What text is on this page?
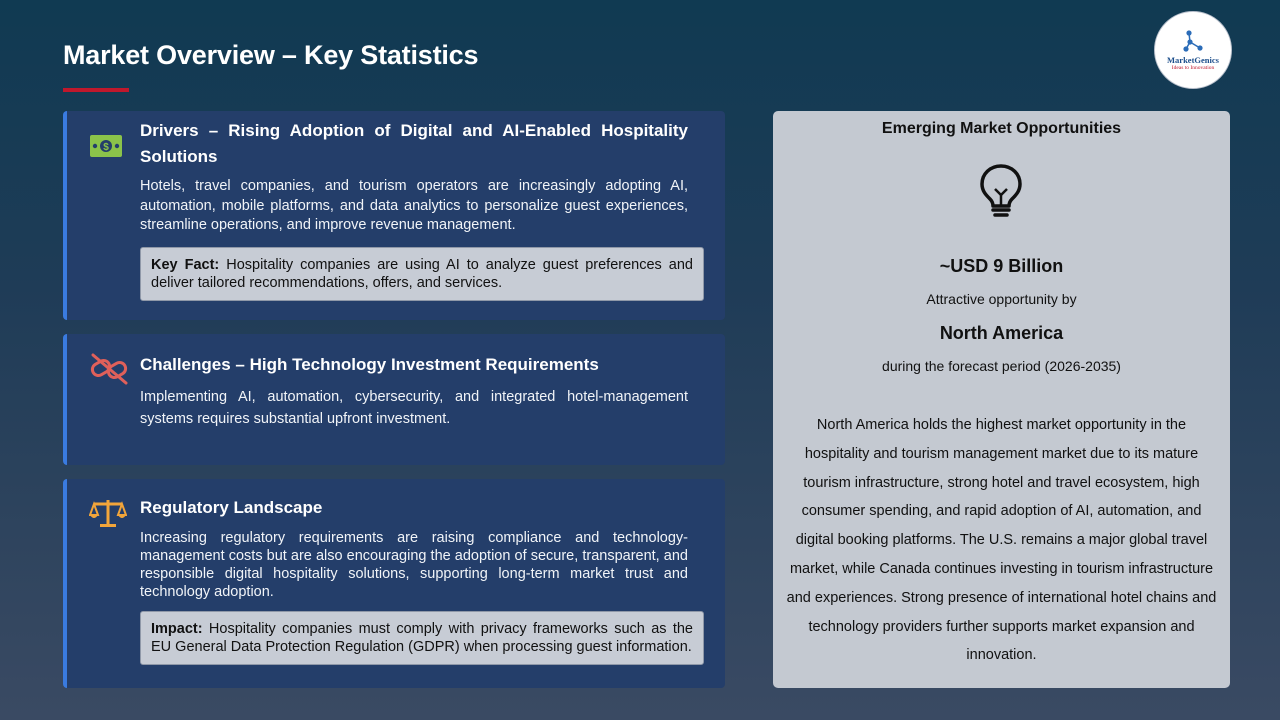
Market Overview – Key Statistics	MarketGenics
Ideas to Innovation
$
Drivers – Rising Adoption of Digital and AI-Enabled Hospitality Solutions
Hotels, travel companies, and tourism operators are increasingly adopting AI, automation, mobile platforms, and data analytics to personalize guest experiences, streamline operations, and improve revenue management.
Key Fact: Hospitality companies are using AI to analyze guest preferences and deliver tailored recommendations, offers, and services.
Challenges – High Technology Investment Requirements
Implementing AI, automation, cybersecurity, and integrated hotel-management systems requires substantial upfront investment.
Regulatory Landscape
Increasing regulatory requirements are raising compliance and technology-management costs but are also encouraging the adoption of secure, transparent, and responsible digital hospitality solutions, supporting long-term market trust and technology adoption.
Impact: Hospitality companies must comply with privacy frameworks such as the EU General Data Protection Regulation (GDPR) when processing guest information.
Emerging Market Opportunities
~USD 9 Billion
Attractive opportunity by
North America
during the forecast period (2026-2035)
North America holds the highest market opportunity in the hospitality and tourism management market due to its mature tourism infrastructure, strong hotel and travel ecosystem, high consumer spending, and rapid adoption of AI, automation, and digital booking platforms. The U.S. remains a major global travel market, while Canada continues investing in tourism infrastructure and experiences. Strong presence of international hotel chains and technology providers further supports market expansion and innovation.
